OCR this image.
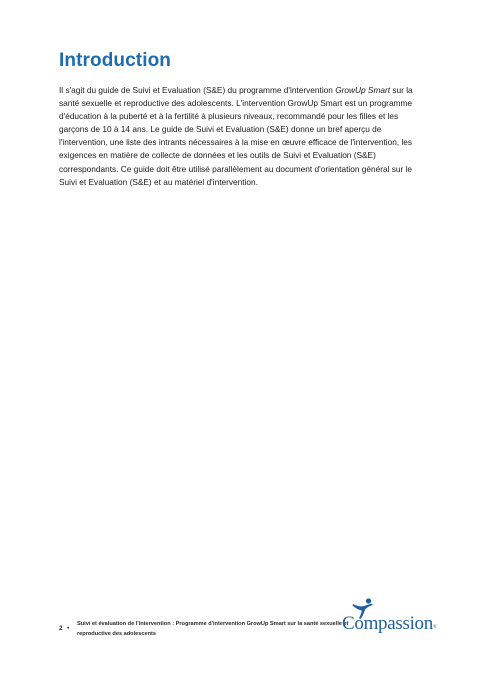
Introduction

Il s'agit du guide de Suivi et Evaluation (S&E) du programme d'intervention GrowUp Smart sur la santé sexuelle et reproductive des adolescents. L'intervention GrowUp Smart est un programme d'éducation à la puberté et à la fertilité à plusieurs niveaux, recommandé pour les filles et les garçons de 10 à 14 ans. Le guide de Suivi et Evaluation (S&E) donne un bref aperçu de l'intervention, une liste des intrants nécessaires à la mise en œuvre efficace de l'intervention, les exigences en matière de collecte de données et les outils de Suivi et Evaluation (S&E) correspondants. Ce guide doit être utilisé parallèlement au document d'orientation général sur le Suivi et Evaluation (S&E) et au matériel d'intervention.

2 •
Suivi et évaluation de l'intervention : Programme d'intervention GrowUp Smart sur la santé sexuelle et reproductive des adolescents	Compassion®
